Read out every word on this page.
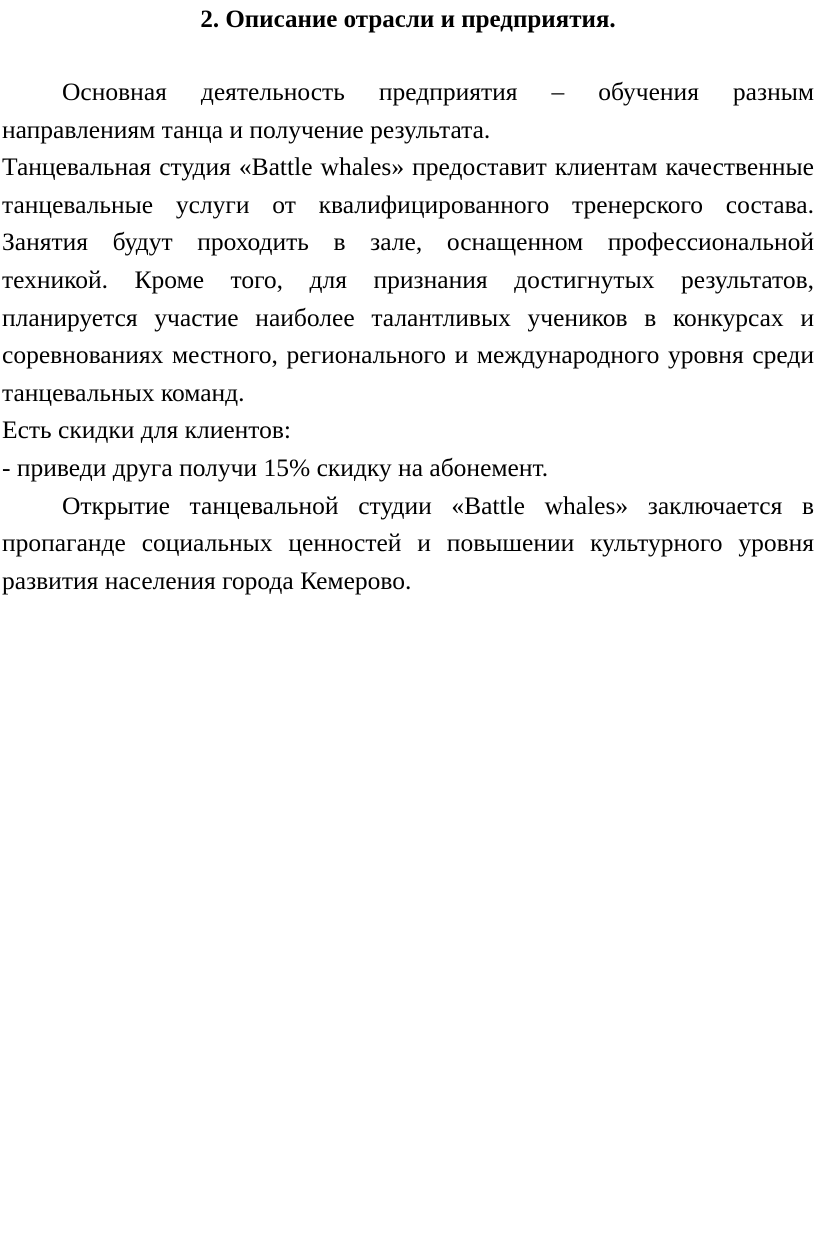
2. Описание отрасли и предприятия.

Основная деятельность предприятия – обучения разным направлениям танца и получение результата.

Танцевальная студия «Battle whales» предоставит клиентам качественные танцевальные услуги от квалифицированного тренерского состава. Занятия будут проходить в зале, оснащенном профессиональной техникой. Кроме того, для признания достигнутых результатов, планируется участие наиболее талантливых учеников в конкурсах и соревнованиях местного, регионального и международного уровня среди танцевальных команд.

Есть скидки для клиентов:

- приведи друга получи 15% скидку на абонемент.

Открытие танцевальной студии «Battle whales» заключается в пропаганде социальных ценностей и повышении культурного уровня развития населения города Кемерово.
